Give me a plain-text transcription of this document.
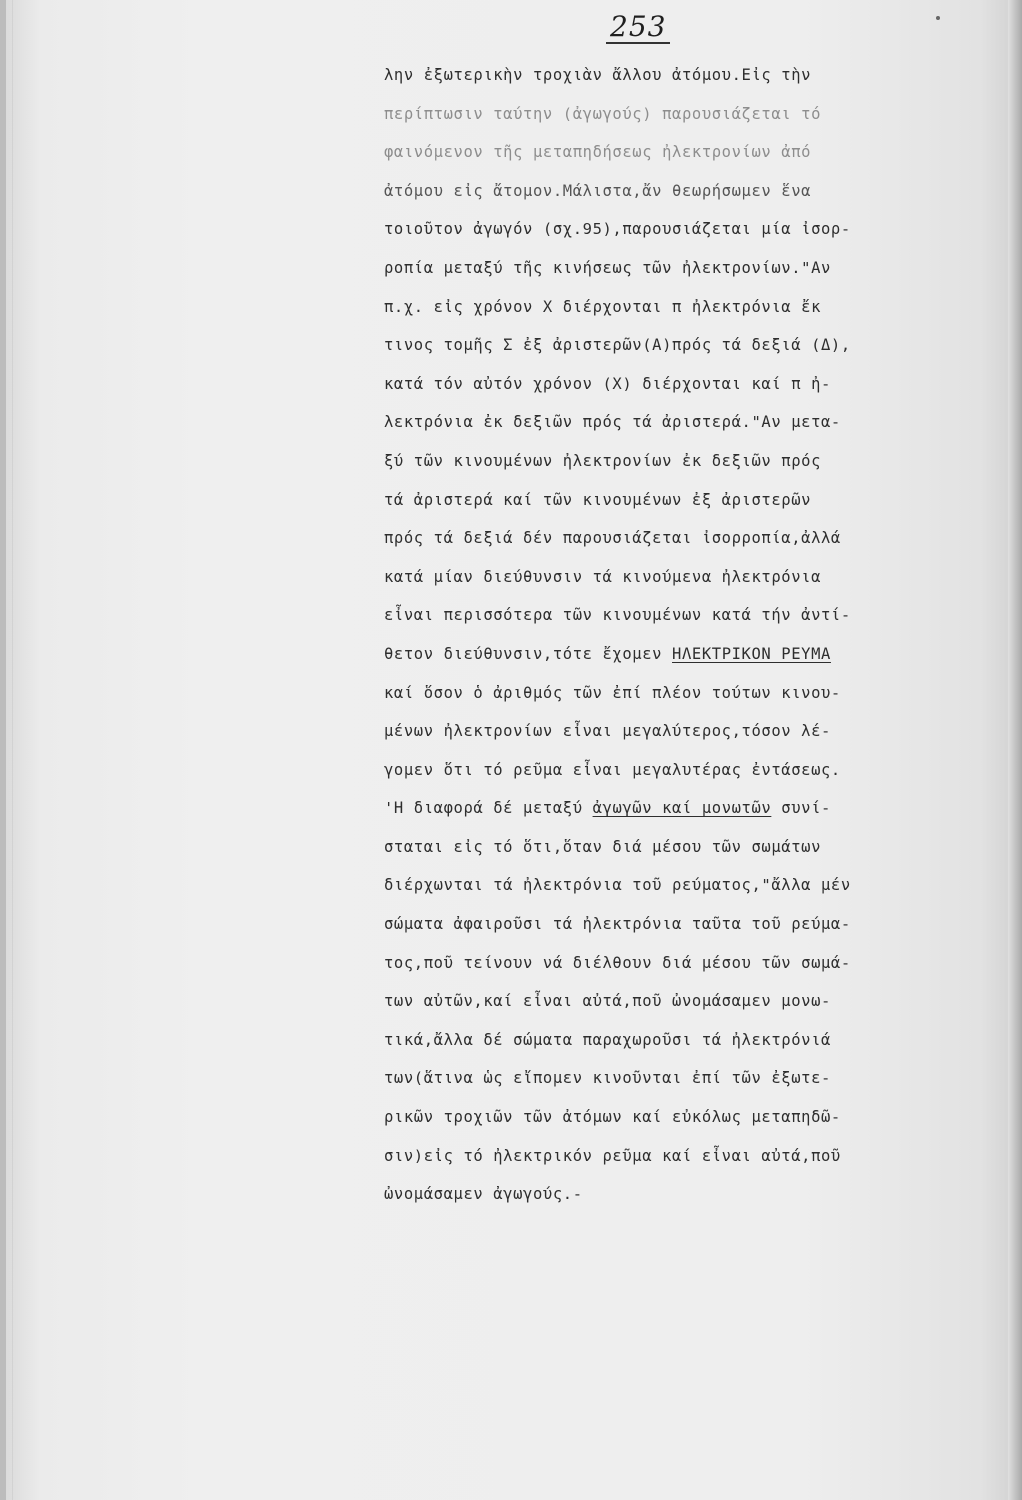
253
λην ἐξωτερικὴν τροχιὰν ἄλλου ἀτόμου.Εἰς τὴν
περίπτωσιν ταύτην (ἀγωγούς) παρουσιάζεται τό
φαινόμενον τῆς μεταπηδήσεως ἠλεκτρονίων ἀπό
ἀτόμου εἰς ἄτομον.Μάλιστα,ἄν θεωρήσωμεν ἕνα
τοιοῦτον ἀγωγόν (σχ.95),παρουσιάζεται μία ἰσορ-
ροπία μεταξύ τῆς κινήσεως τῶν ἠλεκτρονίων."Αν
π.χ. εἰς χρόνον Χ διέρχονται π ἠλεκτρόνια ἔκ
τινος τομῆς Σ ἐξ ἀριστερῶν(Α)πρός τά δεξιά (Δ),
κατά τόν αὐτόν χρόνον (Χ) διέρχονται καί π ἠ-
λεκτρόνια ἐκ δεξιῶν πρός τά ἀριστερά."Αν μετα-
ξύ τῶν κινουμένων ἠλεκτρονίων ἐκ δεξιῶν πρός
τά ἀριστερά καί τῶν κινουμένων ἐξ ἀριστερῶν
πρός τά δεξιά δέν παρουσιάζεται ἰσορροπία,ἀλλά
κατά μίαν διεύθυνσιν τά κινούμενα ἠλεκτρόνια
εἶναι περισσότερα τῶν κινουμένων κατά τήν ἀντί-
θετον διεύθυνσιν,τότε ἔχομεν ΗΛΕΚΤΡΙΚΟΝ ΡΕΥΜΑ
καί ὅσον ὁ ἀριθμός τῶν ἐπί πλέον τούτων κινου-
μένων ἠλεκτρονίων εἶναι μεγαλύτερος,τόσον λέ-
γομεν ὅτι τό ρεῦμα εἶναι μεγαλυτέρας ἐντάσεως.
'Η διαφορά δέ μεταξύ ἀγωγῶν καί μονωτῶν συνί-
σταται εἰς τό ὅτι,ὅταν διά μέσου τῶν σωμάτων
διέρχωνται τά ἠλεκτρόνια τοῦ ρεύματος,"ἄλλα μέν
σώματα ἀφαιροῦσι τά ἠλεκτρόνια ταῦτα τοῦ ρεύμα-
τος,ποῦ τείνουν νά διέλθουν διά μέσου τῶν σωμά-
των αὐτῶν,καί εἶναι αὐτά,ποῦ ὠνομάσαμεν μονω-
τικά,ἄλλα δέ σώματα παραχωροῦσι τά ἠλεκτρόνιά
των(ἅτινα ὡς εἴπομεν κινοῦνται ἐπί τῶν ἐξωτε-
ρικῶν τροχιῶν τῶν ἀτόμων καί εὐκόλως μεταπηδῶ-
σιν)εἰς τό ἠλεκτρικόν ρεῦμα καί εἶναι αὐτά,ποῦ
ὠνομάσαμεν ἀγωγούς.-
